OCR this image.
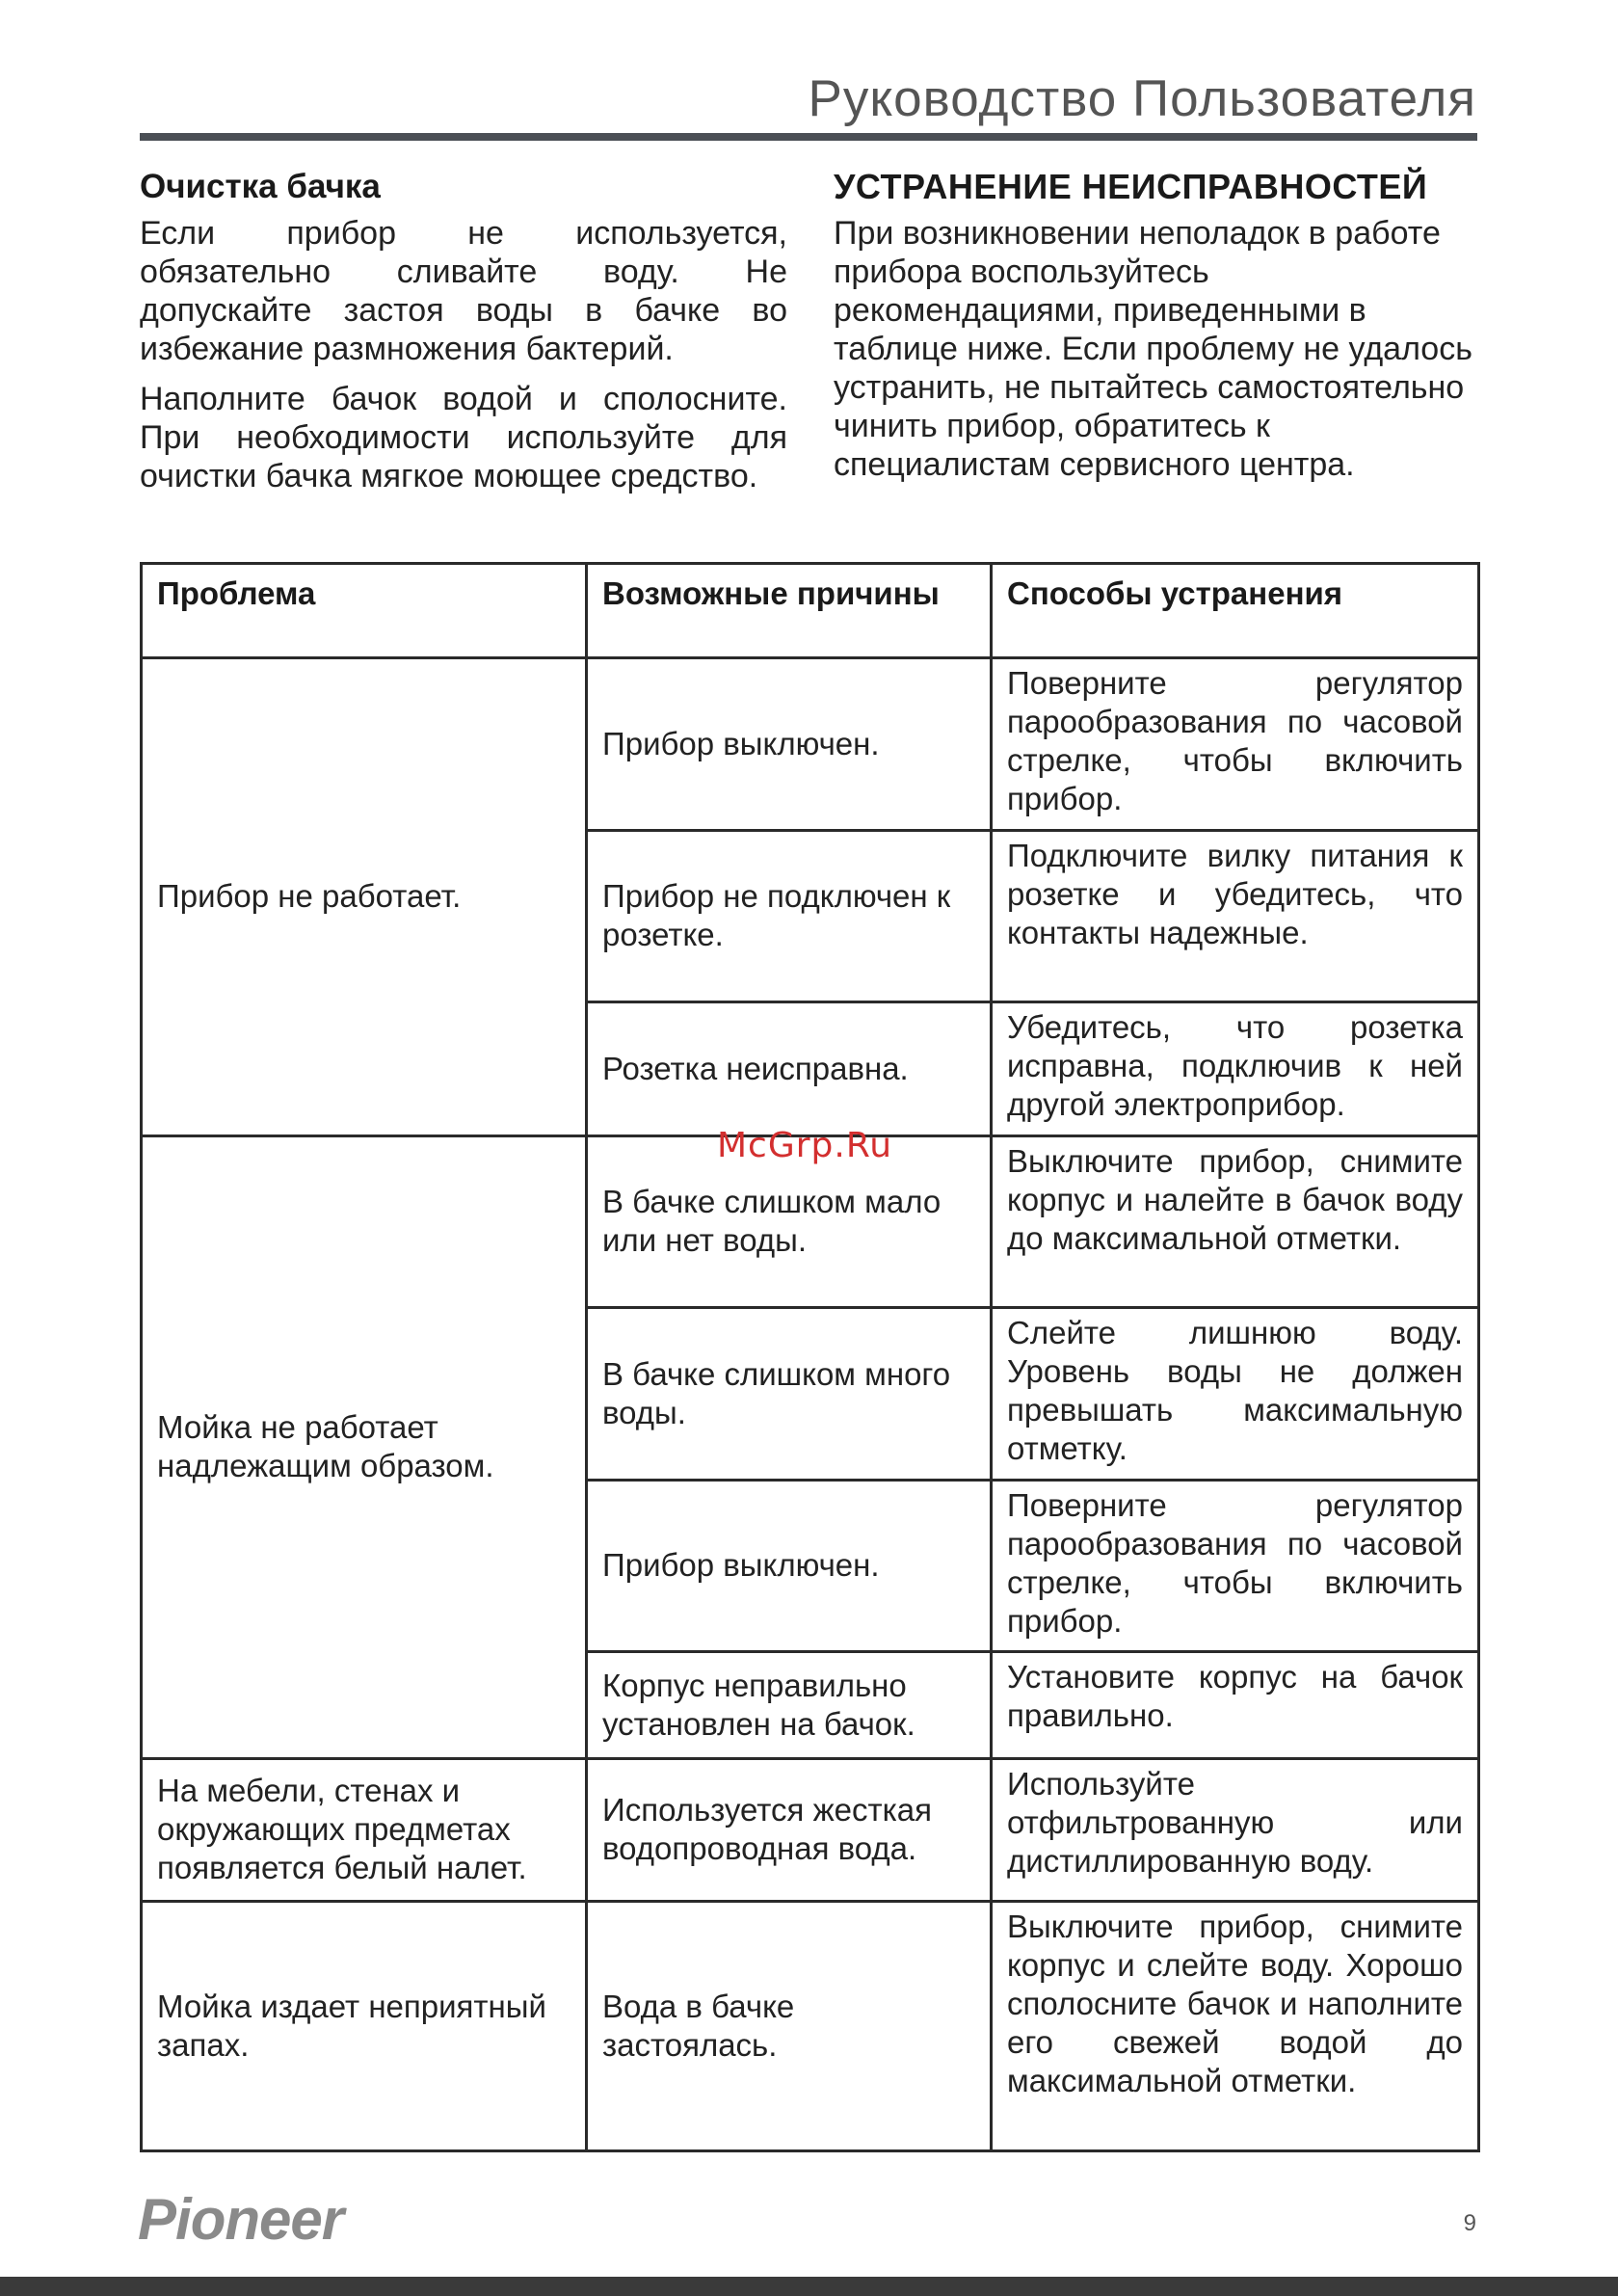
Руководство Пользователя
Очистка бачка

Если прибор не используется, обязательно сливайте воду. Не допускайте застоя воды в бачке во избежание размножения бактерий.

Наполните бачок водой и сполосните. При необходимости используйте для очистки бачка мягкое моющее средство.

УСТРАНЕНИЕ НЕИСПРАВНОСТЕЙ

При возникновении неполадок в работе прибора воспользуйтесь рекомендациями, приведенными в таблице ниже. Если проблему не удалось устранить, не пытайтесь самостоятельно чинить прибор, обратитесь к специалистам сервисного центра.

Проблема	Возможные причины	Способы устранения
Прибор не работает.	Прибор выключен.	Поверните регулятор парообразования по часовой стрелке, чтобы включить прибор.
	Прибор не подключен к розетке.	Подключите вилку питания к розетке и убедитесь, что контакты надежные.
	Розетка неисправна.	Убедитесь, что розетка исправна, подключив к ней другой электроприбор.
Мойка не работает надлежащим образом.	В бачке слишком мало или нет воды.	Выключите прибор, снимите корпус и налейте в бачок воду до максимальной отметки.
	В бачке слишком много воды.	Слейте лишнюю воду. Уровень воды не должен превышать максимальную отметку.
	Прибор выключен.	Поверните регулятор парообразования по часовой стрелке, чтобы включить прибор.
	Корпус неправильно установлен на бачок.	Установите корпус на бачок правильно.
На мебели, стенах и окружающих предметах появляется белый налет.	Используется жесткая водопроводная вода.	Используйте отфильтрованную или дистиллированную воду.
Мойка издает неприятный запах.	Вода в бачке застоялась.	Выключите прибор, снимите корпус и слейте воду. Хорошо сполосните бачок и наполните его свежей водой до максимальной отметки.
McGrp.Ru
Pioneer	9
